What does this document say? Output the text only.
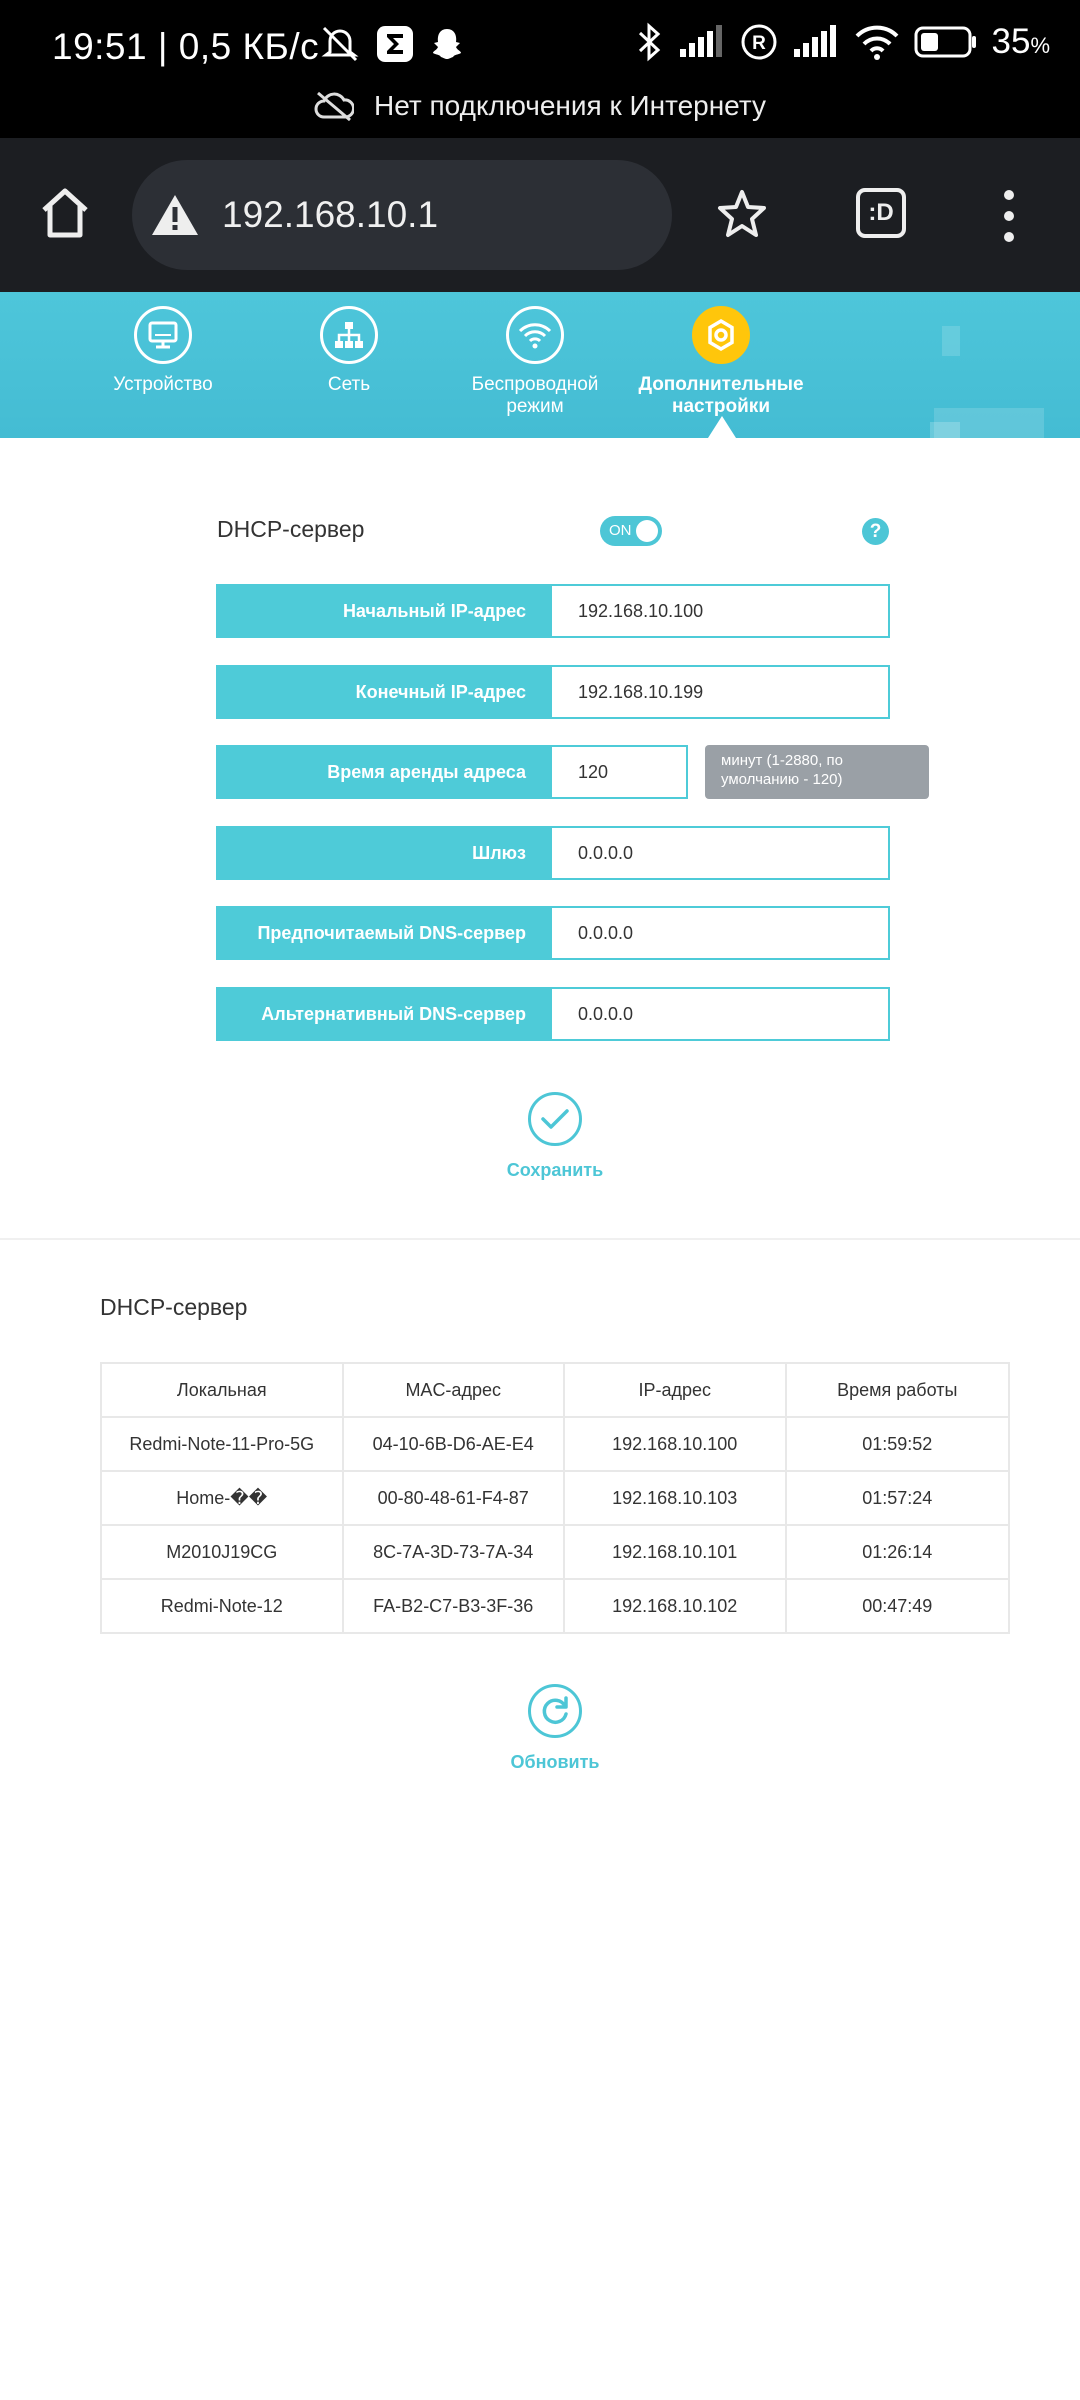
19:51 | 0,5 КБ/с	R	35%
Нет подключения к Интернету
192.168.10.1	:D
Устройство	Сеть	Беспроводной режим
Дополнительные настройки
DHCP-сервер	ON	?
Начальный IP-адрес	192.168.10.100
Конечный IP-адрес	192.168.10.199
Время аренды адреса	120
минут (1-2880, по умолчанию - 120)
Шлюз	0.0.0.0
Предпочитаемый DNS-сервер	0.0.0.0
Альтернативный DNS-сервер	0.0.0.0
Сохранить
DHCP-сервер
Локальная	MAC-адрес	IP-адрес	Время работы
Redmi-Note-11-Pro-5G	04-10-6B-D6-AE-E4	192.168.10.100	01:59:52
Home-��	00-80-48-61-F4-87	192.168.10.103	01:57:24
M2010J19CG	8C-7A-3D-73-7A-34	192.168.10.101	01:26:14
Redmi-Note-12	FA-B2-C7-B3-3F-36	192.168.10.102	00:47:49
Обновить
